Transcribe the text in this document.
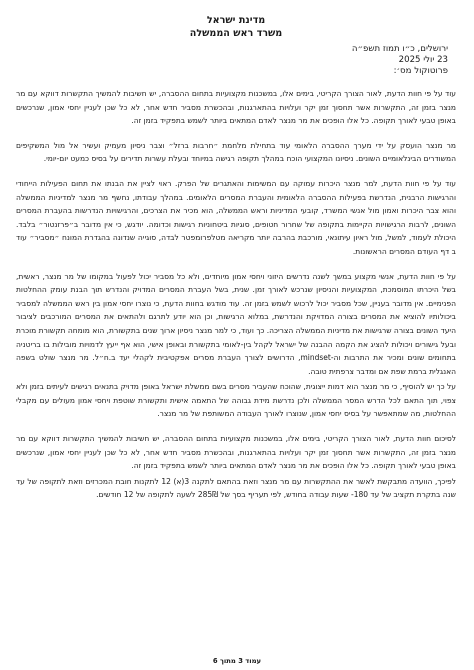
מדינת ישראל
משרד ראש הממשלה
ירושלים, כ״ו תמוז תשפ״ה
23 יולי 2025
פרוטוקול מס׳:

עוד על פי חוות הדעת, לאור הצורך הקריטי, בימים אלו, במשכנות מקצועיות בתחום ההסברה, יש חשיבות להמשיך התקשרות דווקא עם מר מנצר בזמן זה, התקשרות אשר תחסוך זמן יקר ועלויות בהתארגנות, ובהכשרת מסביר חדש אחר, לא כל שכן לעניין יחסי אמון, שנרכשים באופן טבעי לאורך תקופה. כל אלו הופכים את מר מנצר לאדם המתאים ביותר לשמש בתפקיד בזמן זה.

מר מנצר הועסק על ידי מערך ההסברה הלאומי עוד בתחילת מלחמת ״חרבות ברזל״ וצבר ניסיון מעמיק ועשיר אל מול המשקיפים המשודרים הבינלאומיים השונים. ניסיונו המקצועי הוכח במהלך תקופה רגישה במיוחד ובעלת עשרות תדירים על בסיס כמעט יום-יומי.

עוד על פי חוות הדעת, למר מנצר היכרות עמוקה עם המשימות והאתגרים של הפרק. ראוי לציין את הבנתו את תחום הפעילות הייחודי והרגישות הרבנית, הנדרשת בפעילות ההסברה הלאומית והעברת המסרים הלאומים. במהלך עבודתו, נחשף מר מנצר למדיניות הממשלה והוא צבר היכרות ואמון מול אנשי המשרד, קובעי המדיניות וראש הממשלה, הוא מכיר את הצרכים, והרגישויות הנדרשות בהעברת המסרים השונים, לרבות הרגישויות הקיימות בתקופה של שחרור חטופים, סוגיות ביטחוניות רגישות וכדומה. יודגש, כי אין מדובר ב״פרזנטור״ בלבד. היכולת לעמוד, למשל, מול ראיון עיתונאי, מורכבת בהרבה יותר מקריאה מטלפרומפטר לבדה, סוגייה שנדונה בהגדרת המונח ״מסביר״ עוד ב דף העודם המסרים הראשונות.

על פי חוות הדעת, אנשי מקצוע במשך לשנה נדרשים היזוני ויחסי אמון מיוחדים, ולא כל מסביר יכול לפעול במקומו של מר מנצר, ראשית, בשל היכרתו המוסמכת, המקצועיות והניסיון שנרכש לאורך זמן. שנית, בשל העברת המסרים המדויק והנדרש תוך הבנת עומק ההחלטות הפנימיים. אין מדובר בעניין, שכל מסביר יכול לרכוש לשמש בזמן זה. עוד מודגש בחוות הדעת, כי נוצרו יחסי אמון בין ראש הממשלה למסביר ביכולותיו להוציא את המסרים בצורה המדויקת והנדרשת, במלוא הרגישות, וכן הוא יודע לתרגם ולהתאים את המסרים המורכבים לציבור היעד השונים בצורה שרגישות את מדיניות הממשלה הצריכה. כך ועוד, כי למר מנצר ניסיון ארוך שנים בתקשורת, הוא מומחה תקשורת מוכרת ובעל גישורים ויכולות להציג את הקמה ההבנה של ישראל לקהל בין-לאומי בתקשורת ובאופן אישי, הוא אף ייעץ לדמויות מובילות בו בריטניה בתחומים שונים ומכיר את התרבות וה-mindset, הדרושים לצורך העברת מסרים אפקטיבית לקהלי יעד ב.ח״ל. מר מנצר שולט בשפה האנגלית ברמת שפת אם ומדבר צרפתית טובה.

על כך יש להוסיף, כי מר מנצר הוא דמות ייצוגית, שהוכח שהעביר מסרים בשם ממשלת ישראל באופן מדויק בתנאים רגישים לעיתים בזמן ולא צפוי, תוך התאם לכל הדרש המסר הממשלה ולכן נדרשת מידת גבוהה של התאמה אישית ותקשורת שוטפת ויחסי אמון מעולים עם מקבלי ההחלטות, מה שמתאפשר על בסיס יחסי אמון, שנוצרו לאורך העבודה המשותפת של מר מנצר.

לסיכום חוות הדעת, לאור הצורך הקריטי, בימים אלו, במשכנות מקצועיות בתחום ההסברה, יש חשיבות להמשיך התקשרות דווקא עם מר מנצר בזמן זה, התקשרות אשר תחסוך זמן יקר ועלויות בהתארגנות, ובהכשרת מסביר חדש אחר, לא כל שכן לעניין יחסי אמון, שנרכשים באופן טבעי לאורך תקופה. כל אלו הופכים את מר מנצר לאדם המתאים ביותר לשמש בתפקיד בזמן זה.

לפיכך, הוועדה מתבקשת לאשר את ההתקשרות עם מר מנצר וזאת בהתאם לתקנה 3(א) 12 לתקנות חובת המכרזים וזאת לתקופה של עד שנה בתקרת תקציב של עד 180- שעות עבודה בחודש, לפי תעריף בסך של 285₪ לשעה לתקופה של 12 חודשים.

עמוד 3 מתוך 6
